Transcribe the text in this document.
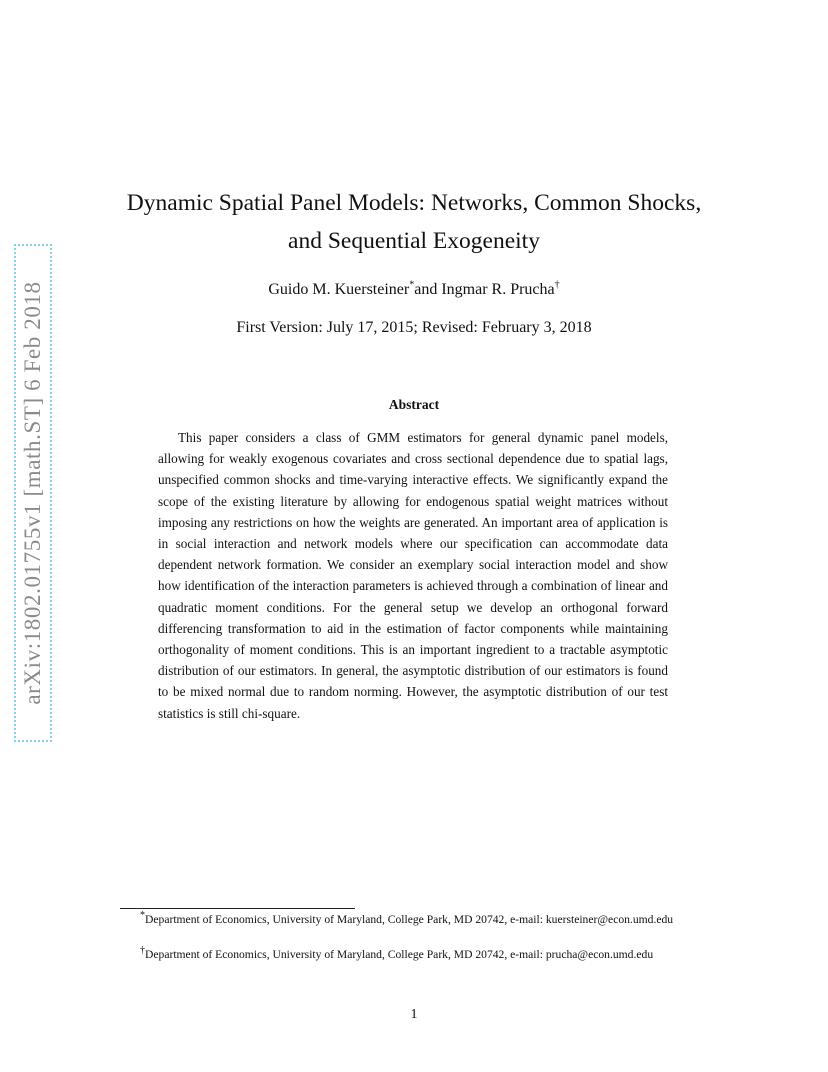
arXiv:1802.01755v1 [math.ST] 6 Feb 2018
Dynamic Spatial Panel Models: Networks, Common Shocks,
and Sequential Exogeneity
Guido M. Kuersteiner*and Ingmar R. Prucha†
First Version: July 17, 2015; Revised: February 3, 2018
Abstract

This paper considers a class of GMM estimators for general dynamic panel models, allowing for weakly exogenous covariates and cross sectional dependence due to spatial lags, unspecified common shocks and time-varying interactive effects. We significantly expand the scope of the existing literature by allowing for endogenous spatial weight matrices without imposing any restrictions on how the weights are generated. An important area of application is in social interaction and network models where our specification can accommodate data dependent network formation. We consider an exemplary social interaction model and show how identification of the interaction parameters is achieved through a combination of linear and quadratic moment conditions. For the general setup we develop an orthogonal forward differencing transformation to aid in the estimation of factor components while maintaining orthogonality of moment conditions. This is an important ingredient to a tractable asymptotic distribution of our estimators. In general, the asymptotic distribution of our estimators is found to be mixed normal due to random norming. However, the asymptotic distribution of our test statistics is still chi-square.

*Department of Economics, University of Maryland, College Park, MD 20742, e-mail: kuersteiner@econ.umd.edu

†Department of Economics, University of Maryland, College Park, MD 20742, e-mail: prucha@econ.umd.edu

1
